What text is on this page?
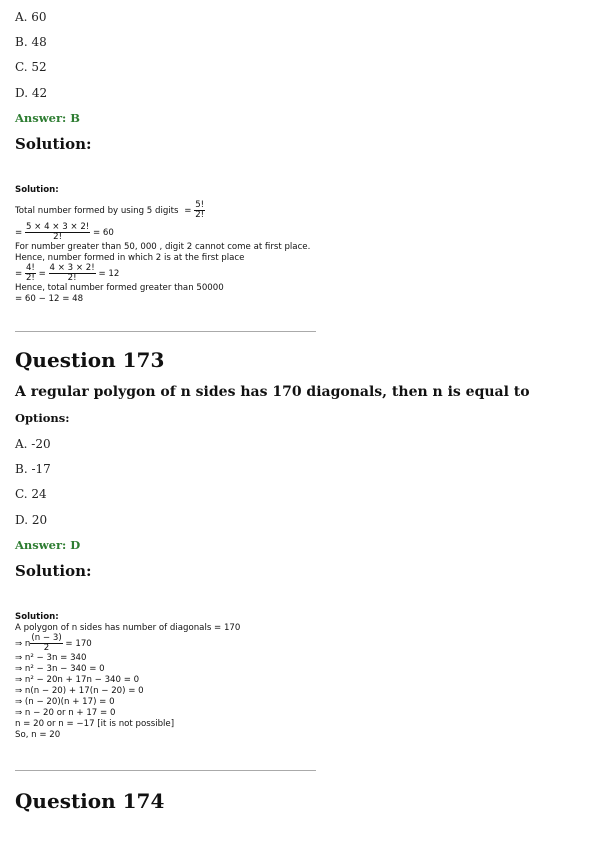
A. 60
B. 48
C. 52
D. 42
Answer: B
Solution:
Solution:
Total number formed by using 5 digits = $\frac{5!}{2!}$
= $\frac{5 \times 4 \times 3 \times 2!}{2!} = 60$
For number greater than 50, 000 , digit 2 cannot come at first place.
Hence, number formed in which 2 is at the first place
= $\frac{4!}{2!} = \frac{4 \times 3 \times 2!}{2!} = 12$
Hence, total number formed greater than 50000
= 60 − 12 = 48
Question 173
A regular polygon of n sides has 170 diagonals, then n is equal to
Options:
A. -20
B. -17
C. 24
D. 20
Answer: D
Solution:
Solution:
A polygon of n sides has number of diagonals = 170
⇒ n $\frac{(n - 3)}{2} = 170$
⇒ n² − 3n = 340
⇒ n² − 3n − 340 = 0
⇒ n² − 20n + 17n − 340 = 0
⇒ n(n − 20) + 17(n − 20) = 0
⇒ (n − 20)(n + 17) = 0
⇒ n − 20 or n + 17 = 0
n = 20 or n = −17 [it is not possible]
So, n = 20
Question 174
